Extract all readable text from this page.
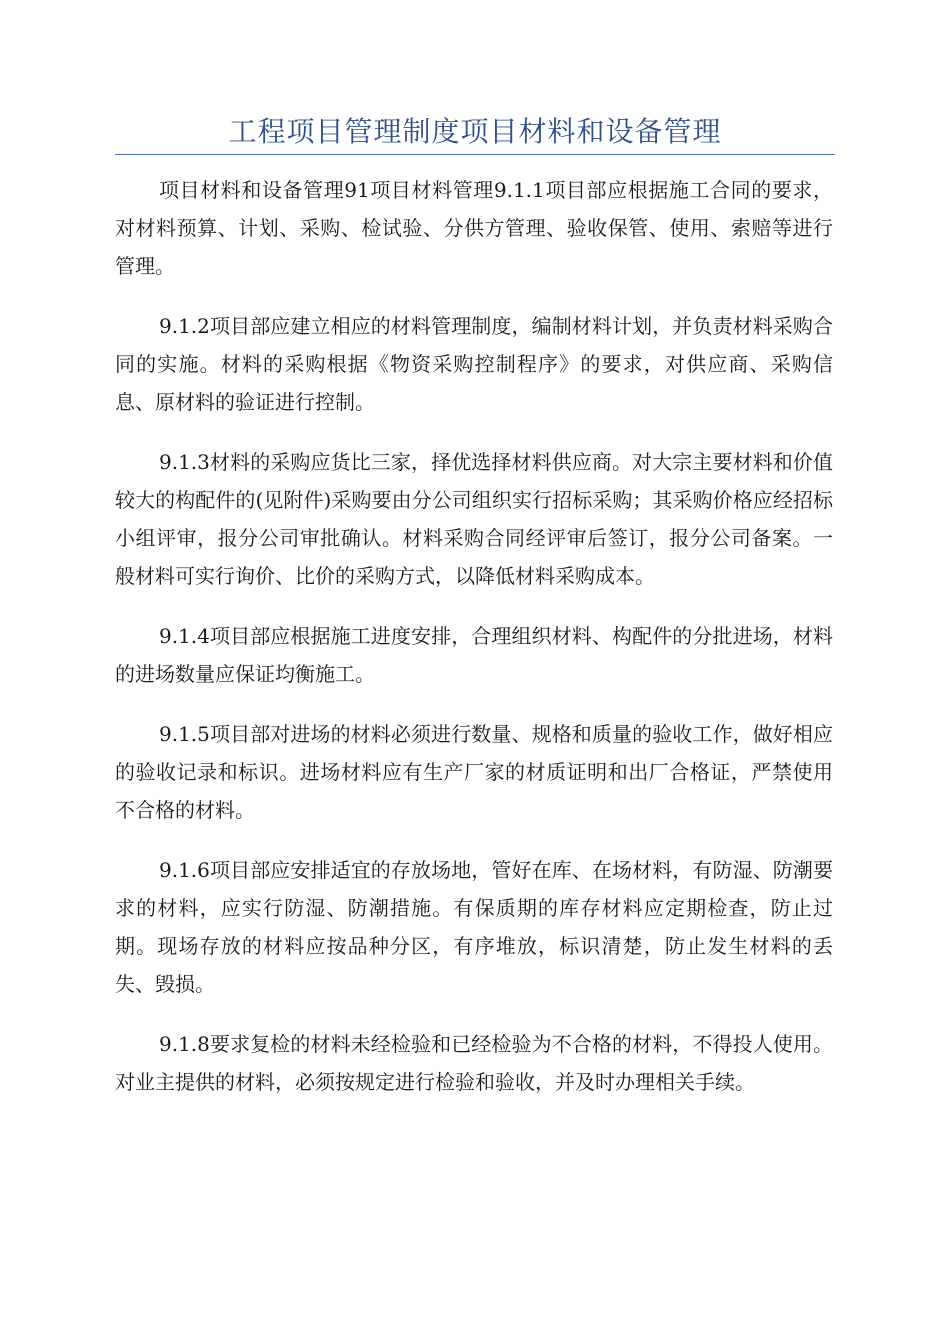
工程项目管理制度项目材料和设备管理

项目材料和设备管理91项目材料管理9.1.1项目部应根据施工合同的要求，对材料预算、计划、采购、检试验、分供方管理、验收保管、使用、索赔等进行管理。

9.1.2项目部应建立相应的材料管理制度，编制材料计划，并负责材料采购合同的实施。材料的采购根据《物资采购控制程序》的要求，对供应商、采购信息、原材料的验证进行控制。

9.1.3材料的采购应货比三家，择优选择材料供应商。对大宗主要材料和价值较大的构配件的(见附件)采购要由分公司组织实行招标采购；其采购价格应经招标小组评审，报分公司审批确认。材料采购合同经评审后签订，报分公司备案。一般材料可实行询价、比价的采购方式，以降低材料采购成本。

9.1.4项目部应根据施工进度安排，合理组织材料、构配件的分批进场，材料的进场数量应保证均衡施工。

9.1.5项目部对进场的材料必须进行数量、规格和质量的验收工作，做好相应的验收记录和标识。进场材料应有生产厂家的材质证明和出厂合格证，严禁使用不合格的材料。

9.1.6项目部应安排适宜的存放场地，管好在库、在场材料，有防湿、防潮要求的材料，应实行防湿、防潮措施。有保质期的库存材料应定期检查，防止过期。现场存放的材料应按品种分区，有序堆放，标识清楚，防止发生材料的丢失、毁损。

9.1.8要求复检的材料未经检验和已经检验为不合格的材料，不得投人使用。对业主提供的材料，必须按规定进行检验和验收，并及时办理相关手续。
